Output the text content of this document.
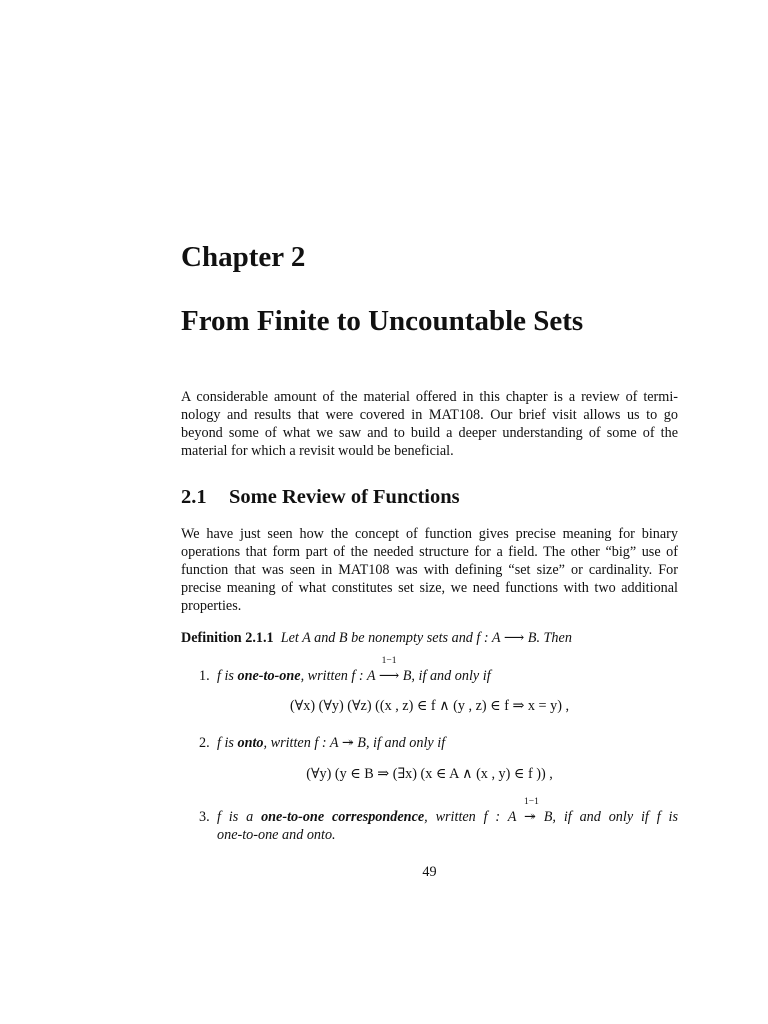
Chapter 2
From Finite to Uncountable Sets

A considerable amount of the material offered in this chapter is a review of termi-
nology and results that were covered in MAT108. Our brief visit allows us to go
beyond some of what we saw and to build a deeper understanding of some of the
material for which a revisit would be beneficial.

2.1 Some Review of Functions

We have just seen how the concept of function gives precise meaning for binary
operations that form part of the needed structure for a field. The other “big” use of
function that was seen in MAT108 was with defining “set size” or cardinality. For
precise meaning of what constitutes set size, we need functions with two additional
properties.

Definition 2.1.1 Let A and B be nonempty sets and f : A ⟶ B. Then
1. f is one-to-one, written f : A
1−1
⟶ B, if and only if
(∀x) (∀y) (∀z) ((x , z) ∈ f ∧ (y , z) ∈ f ⇒ x = y) ,
2. f is onto, written f : A ↠ B, if and only if
(∀y) (y ∈ B ⇒ (∃x) (x ∈ A ∧ (x , y) ∈ f )) ,
3. f is a one-to-one correspondence, written f : A
1−1
↠ B, if and only if f is
one-to-one and onto.
49
